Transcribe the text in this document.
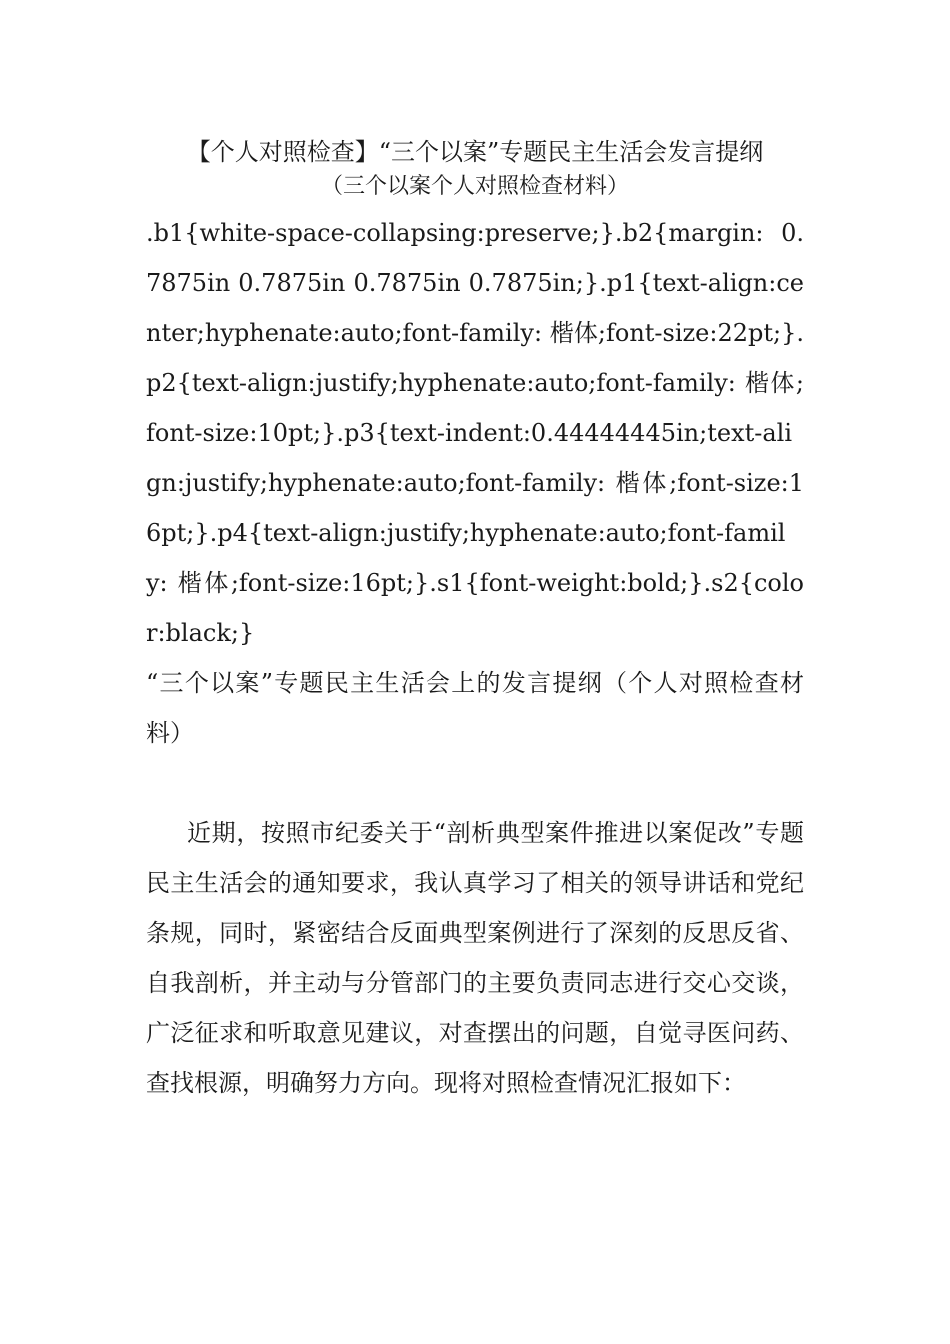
【个人对照检查】“三个以案”专题民主生活会发言提纲

（三个以案个人对照检查材料）

.b1{white-space-collapsing:preserve;}.b2{margin: 0.7875in 0.7875in 0.7875in 0.7875in;}.p1{text-align:center;hyphenate:auto;font-family: 楷体;font-size:22pt;}.p2{text-align:justify;hyphenate:auto;font-family: 楷体;font-size:10pt;}.p3{text-indent:0.44444445in;text-align:justify;hyphenate:auto;font-family: 楷体;font-size:16pt;}.p4{text-align:justify;hyphenate:auto;font-family: 楷体;font-size:16pt;}.s1{font-weight:bold;}.s2{color:black;}

“三个以案”专题民主生活会上的发言提纲（个人对照检查材料）

近期，按照市纪委关于“剖析典型案件推进以案促改”专题民主生活会的通知要求，我认真学习了相关的领导讲话和党纪条规，同时，紧密结合反面典型案例进行了深刻的反思反省、自我剖析，并主动与分管部门的主要负责同志进行交心交谈，广泛征求和听取意见建议，对查摆出的问题，自觉寻医问药、查找根源，明确努力方向。现将对照检查情况汇报如下：
